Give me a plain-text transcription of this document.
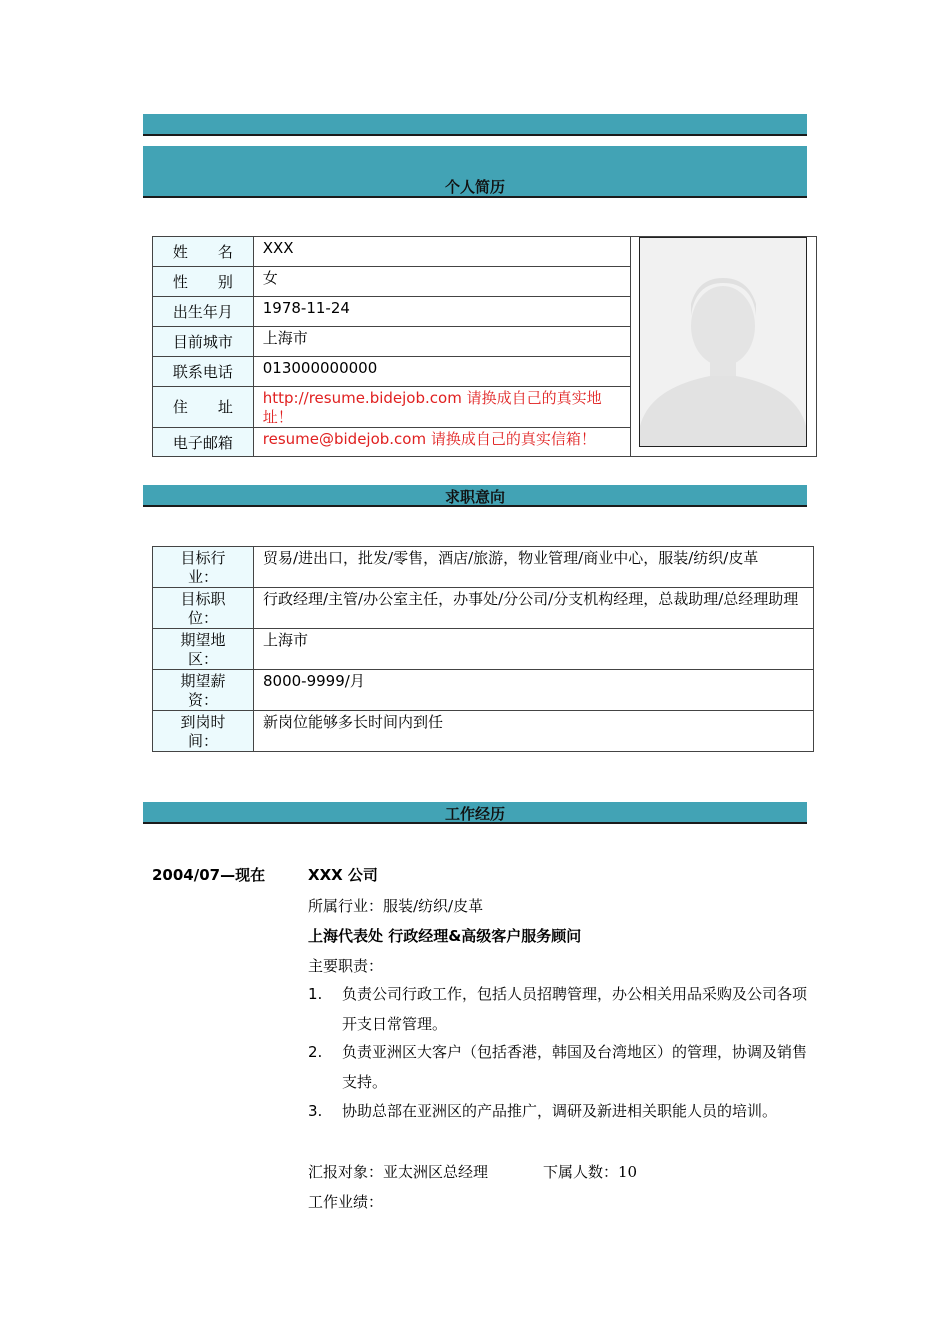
个人简历
姓　　名	XXX	

性　　别	女	

出生年月	1978-11-24	

目前城市	上海市	

联系电话	013000000000	
住　　址	http://resume.bidejob.com 请换成自己的真实地址！	

电子邮箱	resume@bidejob.com 请换成自己的真实信箱！	
求职意向
目标行业：	贸易/进出口，批发/零售，酒店/旅游，物业管理/商业中心，服装/纺织/皮革
目标职位：	行政经理/主管/办公室主任，办事处/分公司/分支机构经理，总裁助理/总经理助理
期望地区：	上海市
期望薪资：	8000-9999/月
到岗时间：	新岗位能够多长时间内到任
工作经历
2004/07—现在	XXX 公司
所属行业：服装/纺织/皮革
上海代表处 行政经理&高级客户服务顾问
主要职责：
1. 负责公司行政工作，包括人员招聘管理，办公相关用品采购及公司各项开支日常管理。
2. 负责亚洲区大客户（包括香港，韩国及台湾地区）的管理，协调及销售支持。
3. 协助总部在亚洲区的产品推广，调研及新进相关职能人员的培训。
汇报对象：亚太洲区总经理	下属人数：10
工作业绩：
